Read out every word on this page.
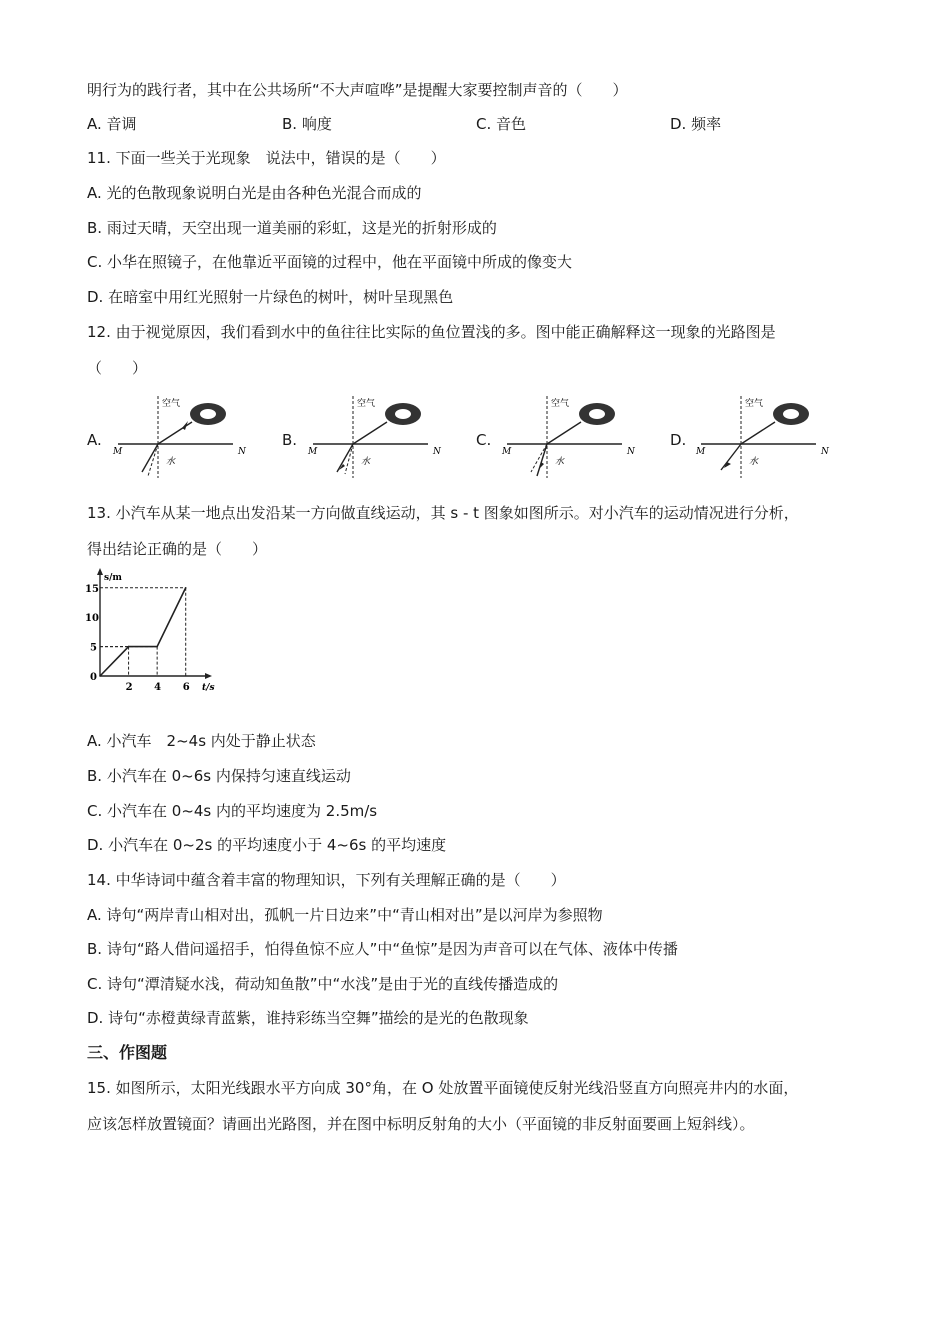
明行为的践行者，其中在公共场所“不大声喧哗”是提醒大家要控制声音的（　　）
A. 音调	B. 响度	C. 音色	D. 频率
11. 下面一些关于光现象　说法中，错误的是（　　）
A. 光的色散现象说明白光是由各种色光混合而成的
B. 雨过天晴，天空出现一道美丽的彩虹，这是光的折射形成的
C. 小华在照镜子，在他靠近平面镜的过程中，他在平面镜中所成的像变大
D. 在暗室中用红光照射一片绿色的树叶，树叶呈现黑色
12. 由于视觉原因，我们看到水中的鱼往往比实际的鱼位置浅的多。图中能正确解释这一现象的光路图是
（　　）
A.	B.	C.	D.
空气
水
M	N
空气
水
M	N
空气
水
M	N
空气
水
M	N
13. 小汽车从某一地点出发沿某一方向做直线运动，其 s - t 图象如图所示。对小汽车的运动情况进行分析，
得出结论正确的是（　　）
s/m
t/s
0
2 4 6
5
10
15
A. 小汽车　2~4s 内处于静止状态
B. 小汽车在 0~6s 内保持匀速直线运动
C. 小汽车在 0~4s 内的平均速度为 2.5m/s
D. 小汽车在 0~2s 的平均速度小于 4~6s 的平均速度
14. 中华诗词中蕴含着丰富的物理知识，下列有关理解正确的是（　　）
A. 诗句“两岸青山相对出，孤帆一片日边来”中“青山相对出”是以河岸为参照物
B. 诗句“路人借问遥招手，怕得鱼惊不应人”中“鱼惊”是因为声音可以在气体、液体中传播
C. 诗句“潭清疑水浅，荷动知鱼散”中“水浅”是由于光的直线传播造成的
D. 诗句“赤橙黄绿青蓝紫，谁持彩练当空舞”描绘的是光的色散现象
三、作图题
15. 如图所示，太阳光线跟水平方向成 30°角，在 O 处放置平面镜使反射光线沿竖直方向照亮井内的水面，
应该怎样放置镜面？请画出光路图，并在图中标明反射角的大小（平面镜的非反射面要画上短斜线）。
